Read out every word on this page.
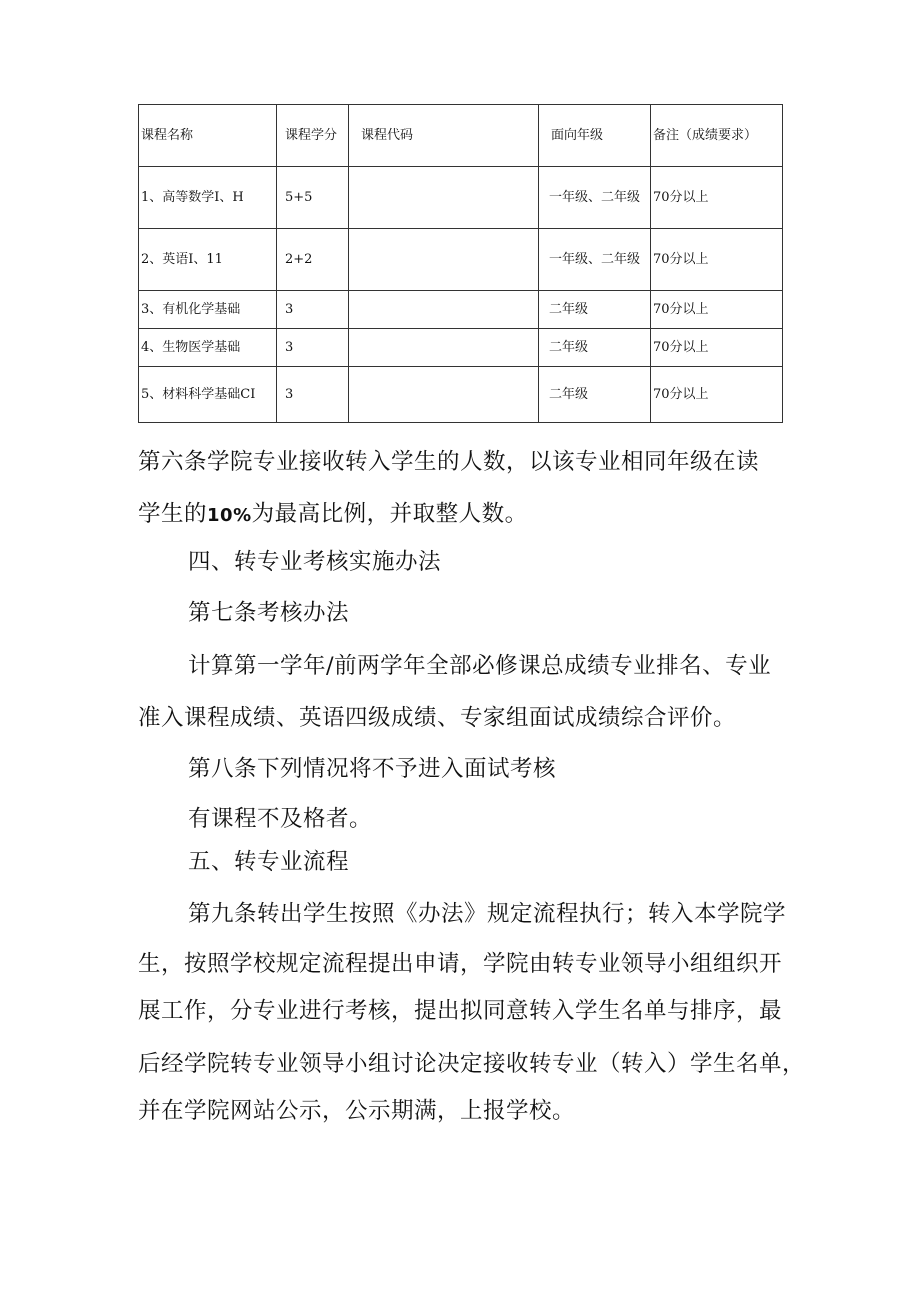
课程名称	课程学分	课程代码	面向年级	备注（成绩要求）
1、高等数学I、H	5+5		一年级、二年级	70分以上
2、英语I、11	2+2		一年级、二年级	70分以上
3、有机化学基础	3		二年级	70分以上
4、生物医学基础	3		二年级	70分以上
5、材料科学基础CI	3		二年级	70分以上
第六条学院专业接收转入学生的人数，以该专业相同年级在读
学生的10%为最高比例，并取整人数。
四、转专业考核实施办法
第七条考核办法
计算第一学年/前两学年全部必修课总成绩专业排名、专业
准入课程成绩、英语四级成绩、专家组面试成绩综合评价。
第八条下列情况将不予进入面试考核
有课程不及格者。
五、转专业流程
第九条转出学生按照《办法》规定流程执行；转入本学院学
生，按照学校规定流程提出申请，学院由转专业领导小组组织开
展工作，分专业进行考核，提出拟同意转入学生名单与排序，最
后经学院转专业领导小组讨论决定接收转专业（转入）学生名单，
并在学院网站公示，公示期满，上报学校。
